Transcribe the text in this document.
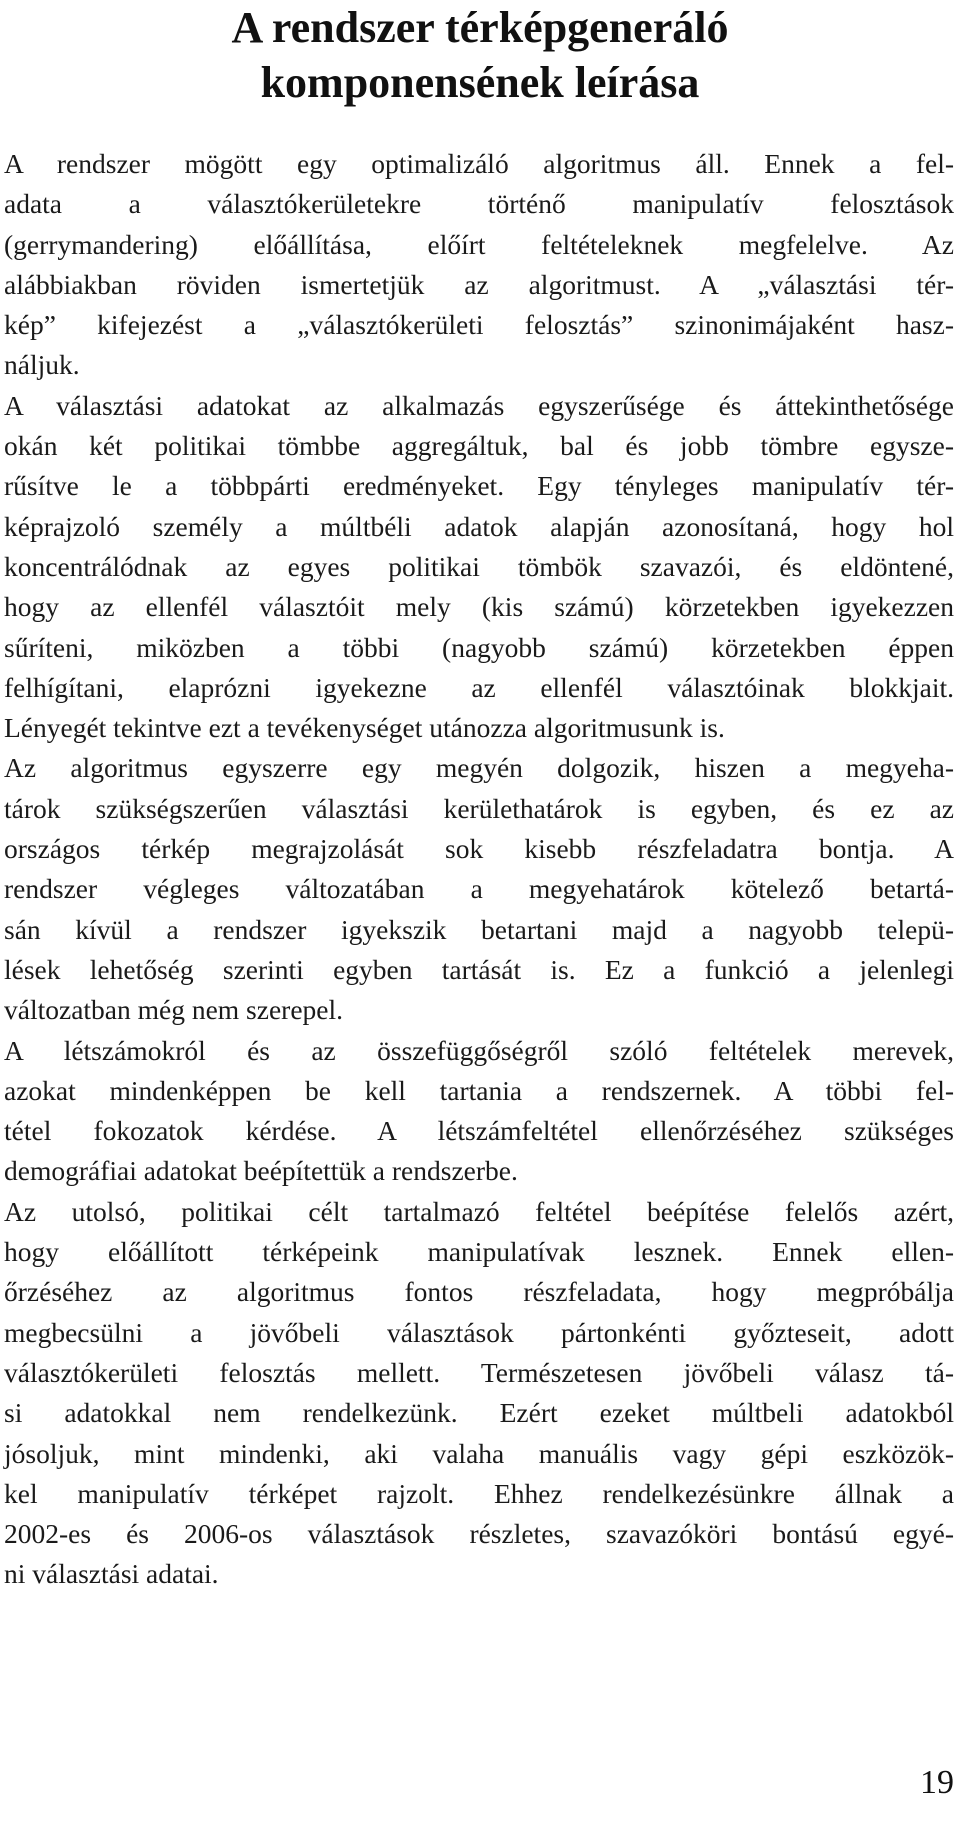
A rendszer térképgeneráló
komponensének leírása
A rendszer mögött egy optimalizáló algoritmus áll. Ennek a fel-
adata a választókerületekre történő manipulatív felosztások
(gerrymandering) előállítása, előírt feltételeknek megfelelve. Az
alábbiakban röviden ismertetjük az algoritmust. A „választási tér-
kép” kifejezést a „választókerületi felosztás” szinonimájaként hasz-
náljuk.
A választási adatokat az alkalmazás egyszerűsége és áttekinthetősége
okán két politikai tömbbe aggregáltuk, bal és jobb tömbre egysze-
rűsítve le a többpárti eredményeket. Egy tényleges manipulatív tér-
képrajzoló személy a múltbéli adatok alapján azonosítaná, hogy hol
koncentrálódnak az egyes politikai tömbök szavazói, és eldöntené,
hogy az ellenfél választóit mely (kis számú) körzetekben igyekezzen
sűríteni, miközben a többi (nagyobb számú) körzetekben éppen
felhígítani, elaprózni igyekezne az ellenfél választóinak blokkjait.
Lényegét tekintve ezt a tevékenységet utánozza algoritmusunk is.
Az algoritmus egyszerre egy megyén dolgozik, hiszen a megyeha-
tárok szükségszerűen választási kerülethatárok is egyben, és ez az
országos térkép megrajzolását sok kisebb részfeladatra bontja. A
rendszer végleges változatában a megyehatárok kötelező betartá-
sán kívül a rendszer igyekszik betartani majd a nagyobb telepü-
lések lehetőség szerinti egyben tartását is. Ez a funkció a jelenlegi
változatban még nem szerepel.
A létszámokról és az összefüggőségről szóló feltételek merevek,
azokat mindenképpen be kell tartania a rendszernek. A többi fel-
tétel fokozatok kérdése. A létszámfeltétel ellenőrzéséhez szükséges
demográfiai adatokat beépítettük a rendszerbe.
Az utolsó, politikai célt tartalmazó feltétel beépítése felelős azért,
hogy előállított térképeink manipulatívak lesznek. Ennek ellen-
őrzéséhez az algoritmus fontos részfeladata, hogy megpróbálja
megbecsülni a jövőbeli választások pártonkénti győzteseit, adott
választókerületi felosztás mellett. Természetesen jövőbeli válasz tá-
si adatokkal nem rendelkezünk. Ezért ezeket múltbeli adatokból
jósoljuk, mint mindenki, aki valaha manuális vagy gépi eszközök-
kel manipulatív térképet rajzolt. Ehhez rendelkezésünkre állnak a
2002-es és 2006-os választások részletes, szavazóköri bontású egyé-
ni választási adatai.
19
